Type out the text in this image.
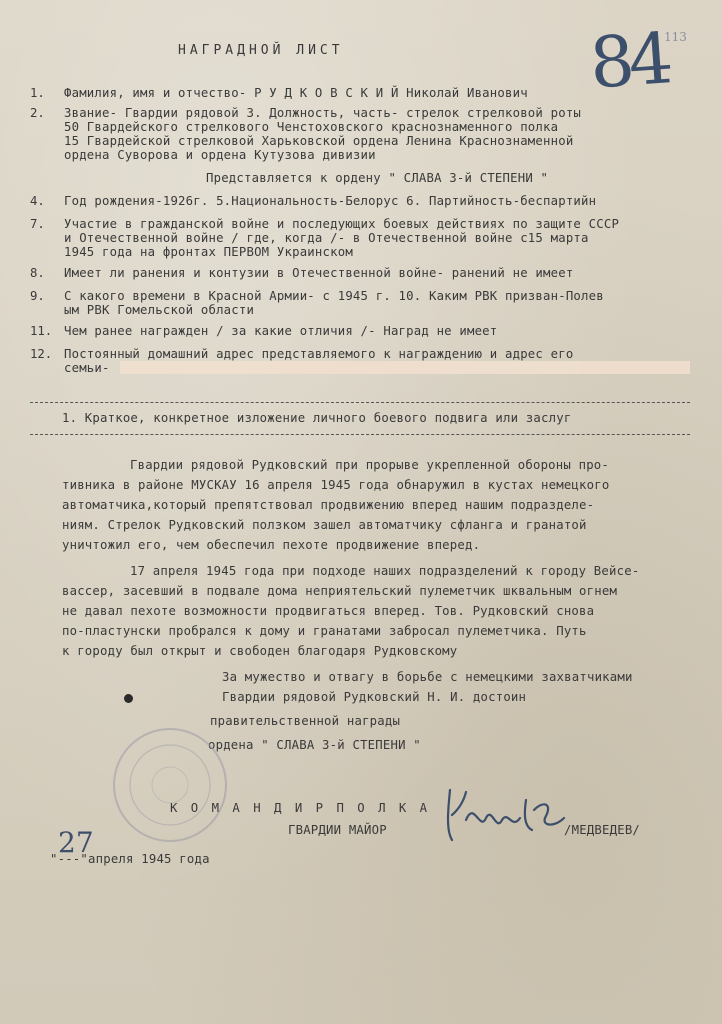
НАГРАДНОЙ ЛИСТ	84
113
1. Фамилия, имя и отчество- Р У Д К О В С К И Й Николай Иванович
2. Звание- Гвардии рядовой 3. Должность, часть- стрелок стрелковой роты
50 Гвардейского стрелкового Ченстоховского краснознаменного полка
15 Гвардейской стрелковой Харьковской ордена Ленина Краснознаменной
ордена Суворова и ордена Кутузова дивизии
Представляется к ордену " СЛАВА 3-й СТЕПЕНИ "
4. Год рождения-1926г. 5.Национальность-Белорус 6. Партийность-беспартийн
7. Участие в гражданской войне и последующих боевых действиях по защите СССР
и Отечественной войне / где, когда /- в Отечественной войне с15 марта
1945 года на фронтах ПЕРВОМ Украинском
8. Имеет ли ранения и контузии в Отечественной войне- ранений не имеет
9. С какого времени в Красной Армии- с 1945 г. 10. Каким РВК призван-Полев
ым РВК Гомельской области
11. Чем ранее награжден / за какие отличия /- Наград не имеет
12. Постоянный домашний адрес представляемого к награждению и адрес его
семьи-
1. Краткое, конкретное изложение личного боевого подвига или заслуг
Гвардии рядовой Рудковский при прорыве укрепленной обороны про-
тивника в районе МУСКАУ 16 апреля 1945 года обнаружил в кустах немецкого
автоматчика,который препятствовал продвижению вперед нашим подразделе-
ниям. Стрелок Рудковский ползком зашел автоматчику сфланга и гранатой
уничтожил его, чем обеспечил пехоте продвижение вперед.
17 апреля 1945 года при подходе наших подразделений к городу Вейсе-
вассер, засевший в подвале дома неприятельский пулеметчик шквальным огнем
не давал пехоте возможности продвигаться вперед. Тов. Рудковский снова
по-пластунски пробрался к дому и гранатами забросал пулеметчика. Путь
к городу был открыт и свободен благодаря Рудковскому
За мужество и отвагу в борьбе с немецкими захватчиками
Гвардии рядовой Рудковский Н. И. достоин
правительственной награды
ордена " СЛАВА 3-й СТЕПЕНИ "
К О М А Н Д И Р П О Л К А
ГВАРДИИ МАЙОР	/МЕДВЕДЕВ/
27
"---"апреля 1945 года
